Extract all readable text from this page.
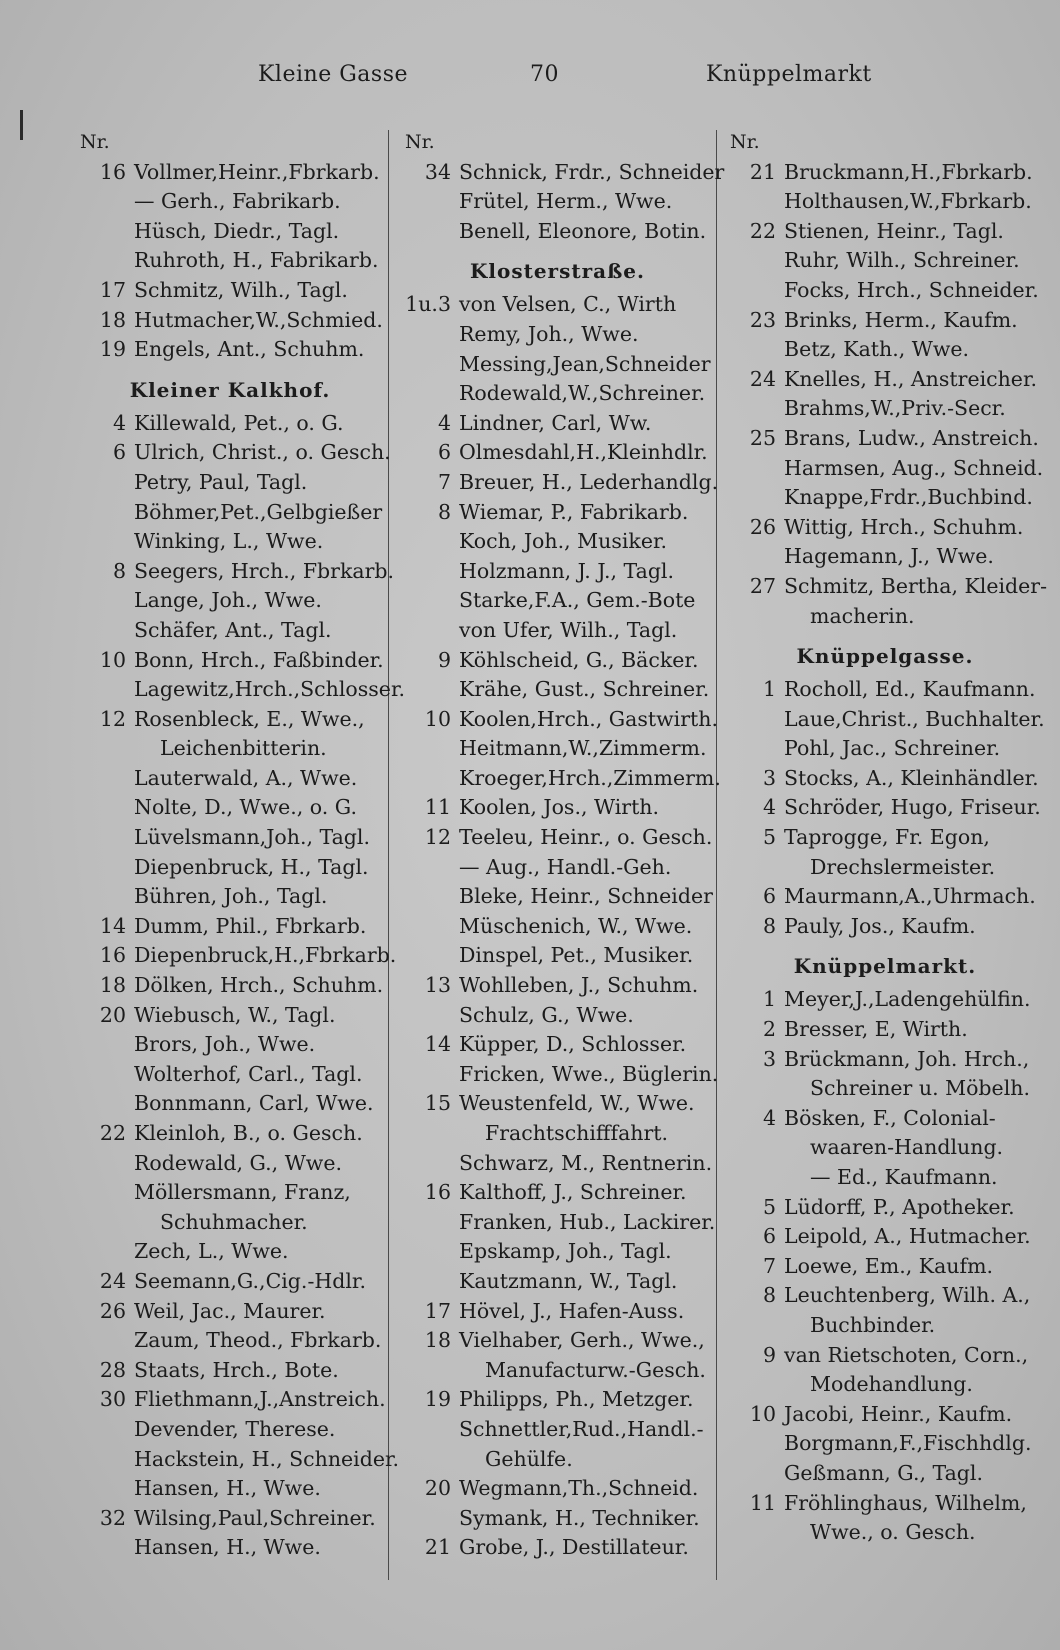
Kleine Gasse	70	Knüppelmarkt
Nr.
16 Vollmer,Heinr.,Fbrkarb.
— Gerh., Fabrikarb.
Hüsch, Diedr., Tagl.
Ruhroth, H., Fabrikarb.
17 Schmitz, Wilh., Tagl.
18 Hutmacher,W.,Schmied.
19 Engels, Ant., Schuhm.
Kleiner Kalkhof.
4 Killewald, Pet., o. G.
6 Ulrich, Christ., o. Gesch.
Petry, Paul, Tagl.
Böhmer,Pet.,Gelbgießer
Winking, L., Wwe.
8 Seegers, Hrch., Fbrkarb.
Lange, Joh., Wwe.
Schäfer, Ant., Tagl.
10 Bonn, Hrch., Faßbinder.
Lagewitz,Hrch.,Schlosser.
12 Rosenbleck, E., Wwe.,
Leichenbitterin.
Lauterwald, A., Wwe.
Nolte, D., Wwe., o. G.
Lüvelsmann,Joh., Tagl.
Diepenbruck, H., Tagl.
Bühren, Joh., Tagl.
14 Dumm, Phil., Fbrkarb.
16 Diepenbruck,H.,Fbrkarb.
18 Dölken, Hrch., Schuhm.
20 Wiebusch, W., Tagl.
Brors, Joh., Wwe.
Wolterhof, Carl., Tagl.
Bonnmann, Carl, Wwe.
22 Kleinloh, B., o. Gesch.
Rodewald, G., Wwe.
Möllersmann, Franz,
Schuhmacher.
Zech, L., Wwe.
24 Seemann,G.,Cig.-Hdlr.
26 Weil, Jac., Maurer.
Zaum, Theod., Fbrkarb.
28 Staats, Hrch., Bote.
30 Fliethmann,J.,Anstreich.
Devender, Therese.
Hackstein, H., Schneider.
Hansen, H., Wwe.
32 Wilsing,Paul,Schreiner.
Hansen, H., Wwe.
Nr.
34 Schnick, Frdr., Schneider
Frütel, Herm., Wwe.
Benell, Eleonore, Botin.
Klosterstraße.
1u.3 von Velsen, C., Wirth
Remy, Joh., Wwe.
Messing,Jean,Schneider
Rodewald,W.,Schreiner.
4 Lindner, Carl, Ww.
6 Olmesdahl,H.,Kleinhdlr.
7 Breuer, H., Lederhandlg.
8 Wiemar, P., Fabrikarb.
Koch, Joh., Musiker.
Holzmann, J. J., Tagl.
Starke,F.A., Gem.-Bote
von Ufer, Wilh., Tagl.
9 Köhlscheid, G., Bäcker.
Krähe, Gust., Schreiner.
10 Koolen,Hrch., Gastwirth.
Heitmann,W.,Zimmerm.
Kroeger,Hrch.,Zimmerm.
11 Koolen, Jos., Wirth.
12 Teeleu, Heinr., o. Gesch.
— Aug., Handl.-Geh.
Bleke, Heinr., Schneider
Müschenich, W., Wwe.
Dinspel, Pet., Musiker.
13 Wohlleben, J., Schuhm.
Schulz, G., Wwe.
14 Küpper, D., Schlosser.
Fricken, Wwe., Büglerin.
15 Weustenfeld, W., Wwe.
Frachtschifffahrt.
Schwarz, M., Rentnerin.
16 Kalthoff, J., Schreiner.
Franken, Hub., Lackirer.
Epskamp, Joh., Tagl.
Kautzmann, W., Tagl.
17 Hövel, J., Hafen-Auss.
18 Vielhaber, Gerh., Wwe.,
Manufacturw.-Gesch.
19 Philipps, Ph., Metzger.
Schnettler,Rud.,Handl.-
Gehülfe.
20 Wegmann,Th.,Schneid.
Symank, H., Techniker.
21 Grobe, J., Destillateur.
Nr.
21 Bruckmann,H.,Fbrkarb.
Holthausen,W.,Fbrkarb.
22 Stienen, Heinr., Tagl.
Ruhr, Wilh., Schreiner.
Focks, Hrch., Schneider.
23 Brinks, Herm., Kaufm.
Betz, Kath., Wwe.
24 Knelles, H., Anstreicher.
Brahms,W.,Priv.-Secr.
25 Brans, Ludw., Anstreich.
Harmsen, Aug., Schneid.
Knappe,Frdr.,Buchbind.
26 Wittig, Hrch., Schuhm.
Hagemann, J., Wwe.
27 Schmitz, Bertha, Kleider-
macherin.
Knüppelgasse.
1 Rocholl, Ed., Kaufmann.
Laue,Christ., Buchhalter.
Pohl, Jac., Schreiner.
3 Stocks, A., Kleinhändler.
4 Schröder, Hugo, Friseur.
5 Taprogge, Fr. Egon,
Drechslermeister.
6 Maurmann,A.,Uhrmach.
8 Pauly, Jos., Kaufm.
Knüppelmarkt.
1 Meyer,J.,Ladengehülfin.
2 Bresser, E, Wirth.
3 Brückmann, Joh. Hrch.,
Schreiner u. Möbelh.
4 Bösken, F., Colonial-
waaren-Handlung.
— Ed., Kaufmann.
5 Lüdorff, P., Apotheker.
6 Leipold, A., Hutmacher.
7 Loewe, Em., Kaufm.
8 Leuchtenberg, Wilh. A.,
Buchbinder.
9 van Rietschoten, Corn.,
Modehandlung.
10 Jacobi, Heinr., Kaufm.
Borgmann,F.,Fischhdlg.
Geßmann, G., Tagl.
11 Fröhlinghaus, Wilhelm,
Wwe., o. Gesch.
